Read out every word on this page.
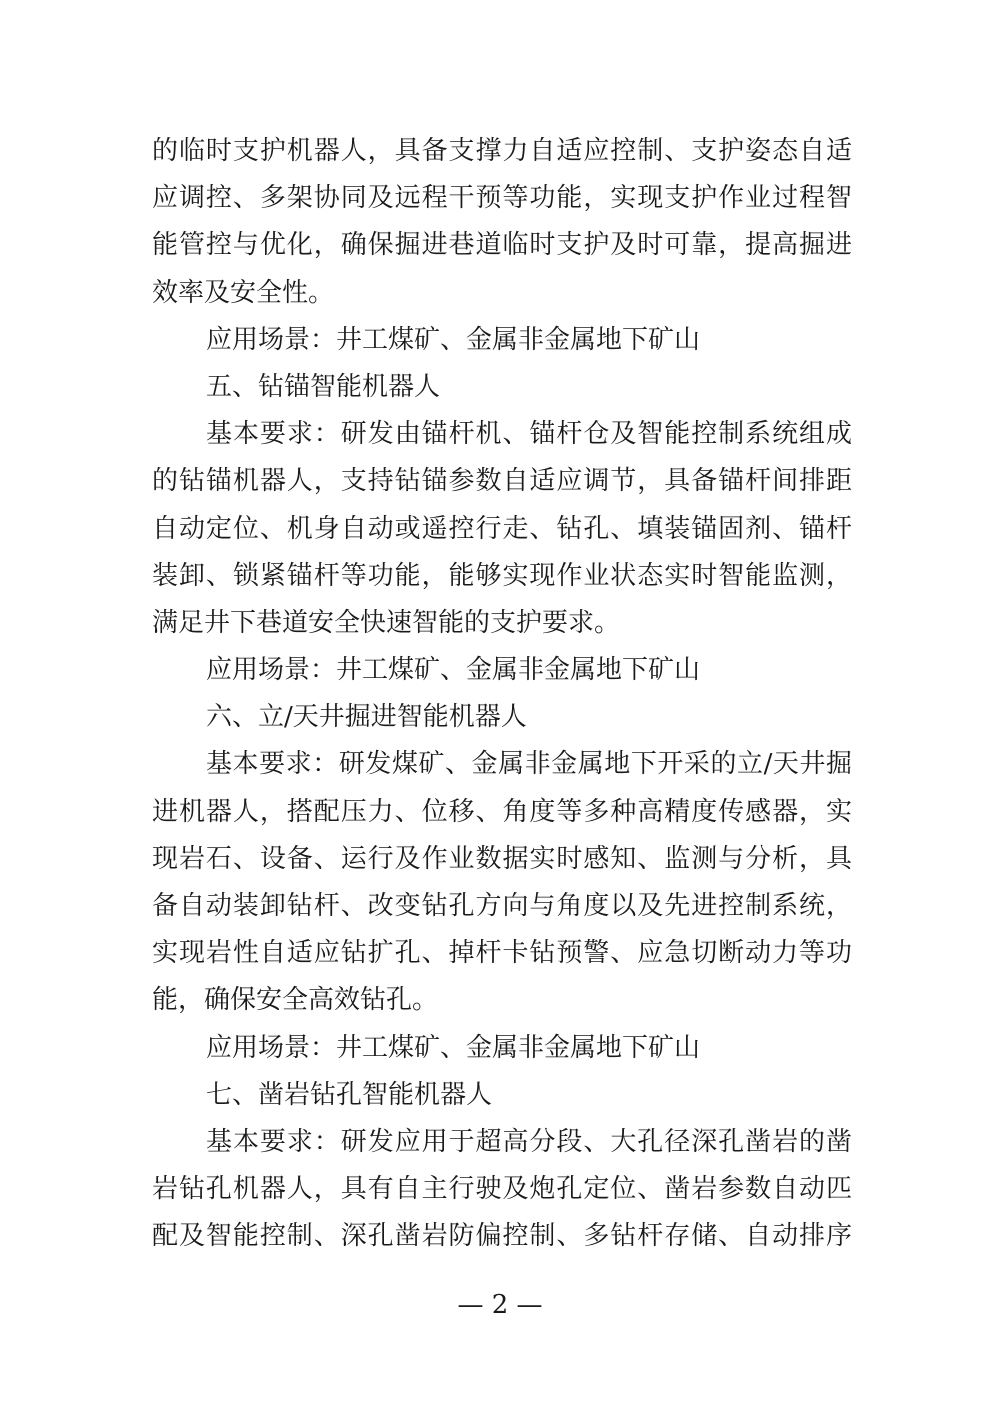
的临时支护机器人，具备支撑力自适应控制、支护姿态自适
应调控、多架协同及远程干预等功能，实现支护作业过程智
能管控与优化，确保掘进巷道临时支护及时可靠，提高掘进
效率及安全性。
应用场景：井工煤矿、金属非金属地下矿山
五、钻锚智能机器人
基本要求：研发由锚杆机、锚杆仓及智能控制系统组成
的钻锚机器人，支持钻锚参数自适应调节，具备锚杆间排距
自动定位、机身自动或遥控行走、钻孔、填装锚固剂、锚杆
装卸、锁紧锚杆等功能，能够实现作业状态实时智能监测，
满足井下巷道安全快速智能的支护要求。
应用场景：井工煤矿、金属非金属地下矿山
六、立/天井掘进智能机器人
基本要求：研发煤矿、金属非金属地下开采的立/天井掘
进机器人，搭配压力、位移、角度等多种高精度传感器，实
现岩石、设备、运行及作业数据实时感知、监测与分析，具
备自动装卸钻杆、改变钻孔方向与角度以及先进控制系统，
实现岩性自适应钻扩孔、掉杆卡钻预警、应急切断动力等功
能，确保安全高效钻孔。
应用场景：井工煤矿、金属非金属地下矿山
七、凿岩钻孔智能机器人
基本要求：研发应用于超高分段、大孔径深孔凿岩的凿
岩钻孔机器人，具有自主行驶及炮孔定位、凿岩参数自动匹
配及智能控制、深孔凿岩防偏控制、多钻杆存储、自动排序
— 2 —
